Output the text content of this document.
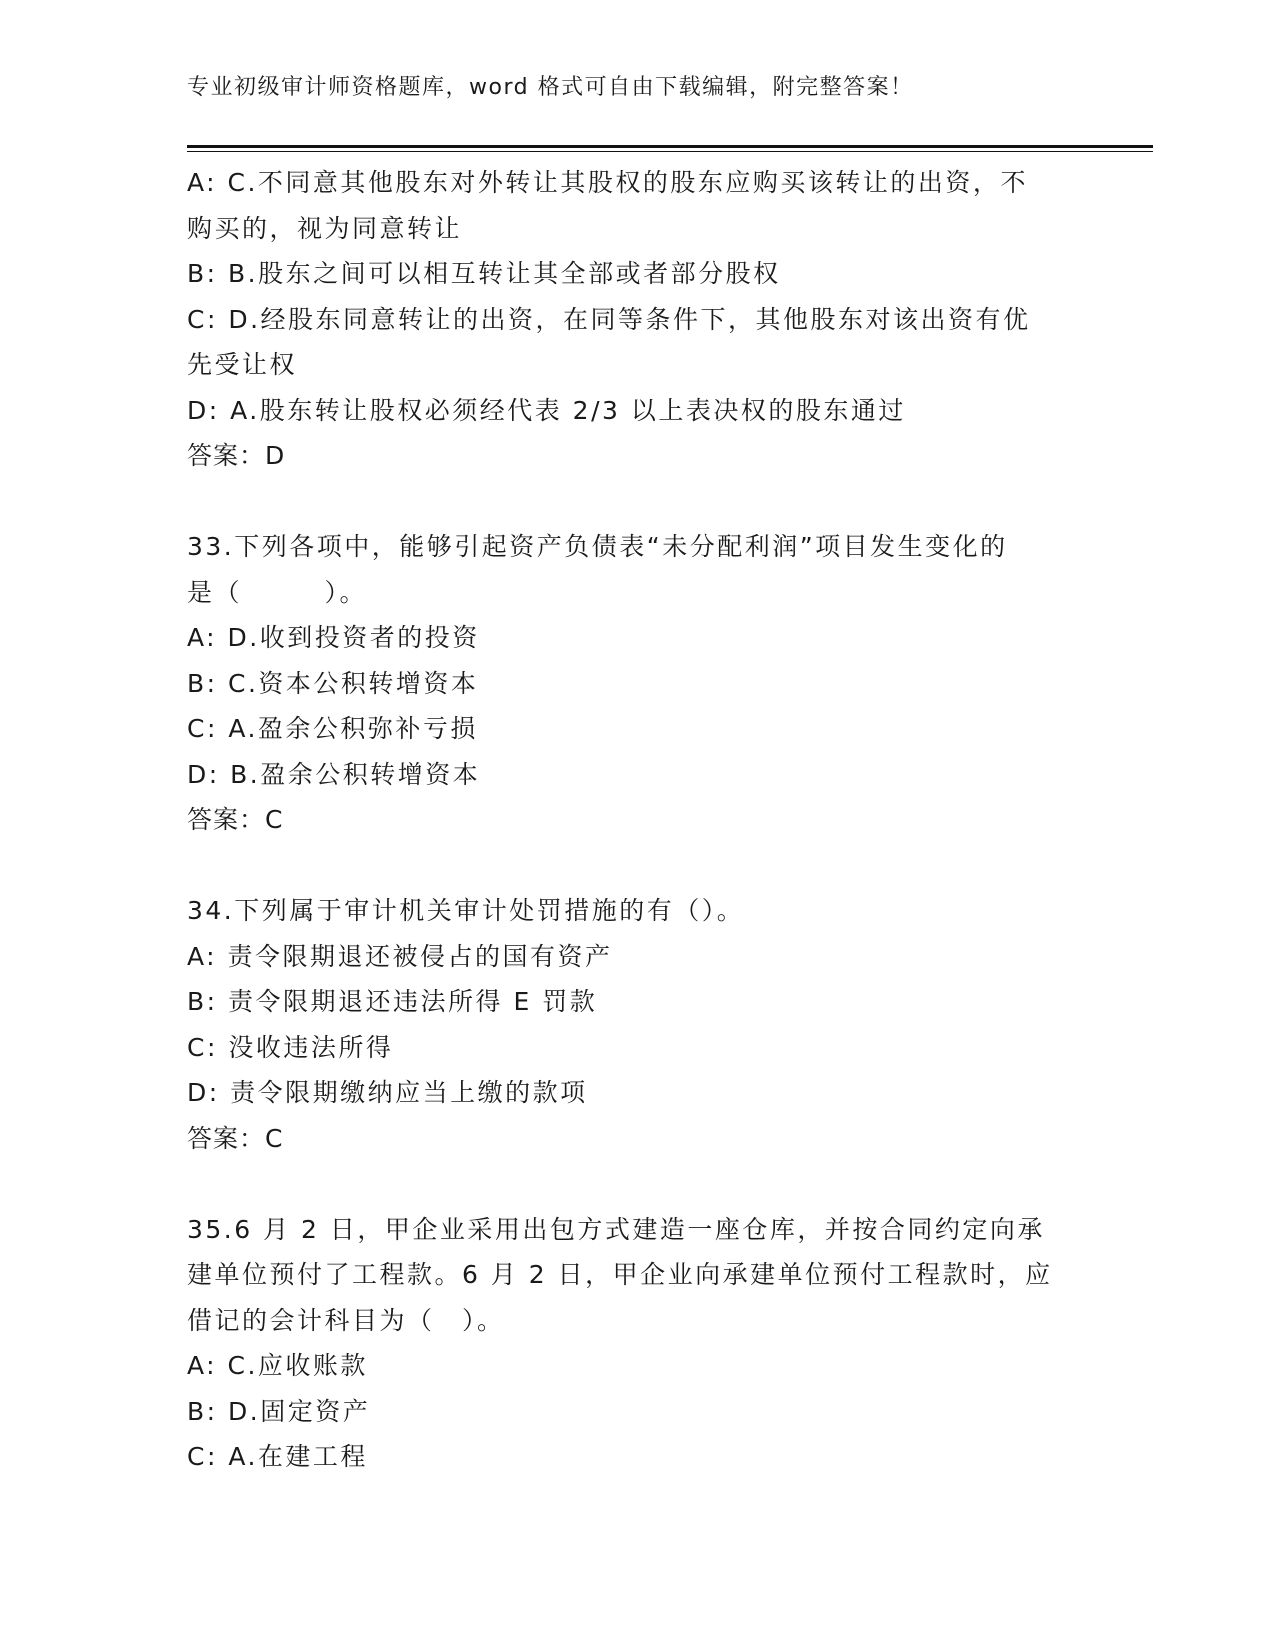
专业初级审计师资格题库，word 格式可自由下载编辑，附完整答案！
A: C.不同意其他股东对外转让其股权的股东应购买该转让的出资，不
购买的，视为同意转让
B: B.股东之间可以相互转让其全部或者部分股权
C: D.经股东同意转让的出资，在同等条件下，其他股东对该出资有优
先受让权
D: A.股东转让股权必须经代表 2/3 以上表决权的股东通过
答案：D
33.下列各项中，能够引起资产负债表“未分配利润”项目发生变化的
是（　　　）。
A: D.收到投资者的投资
B: C.资本公积转增资本
C: A.盈余公积弥补亏损
D: B.盈余公积转增资本
答案：C
34.下列属于审计机关审计处罚措施的有（）。
A: 责令限期退还被侵占的国有资产
B: 责令限期退还违法所得 E 罚款
C: 没收违法所得
D: 责令限期缴纳应当上缴的款项
答案：C
35.6 月 2 日，甲企业采用出包方式建造一座仓库，并按合同约定向承
建单位预付了工程款。6 月 2 日，甲企业向承建单位预付工程款时，应
借记的会计科目为（　）。
A: C.应收账款
B: D.固定资产
C: A.在建工程
